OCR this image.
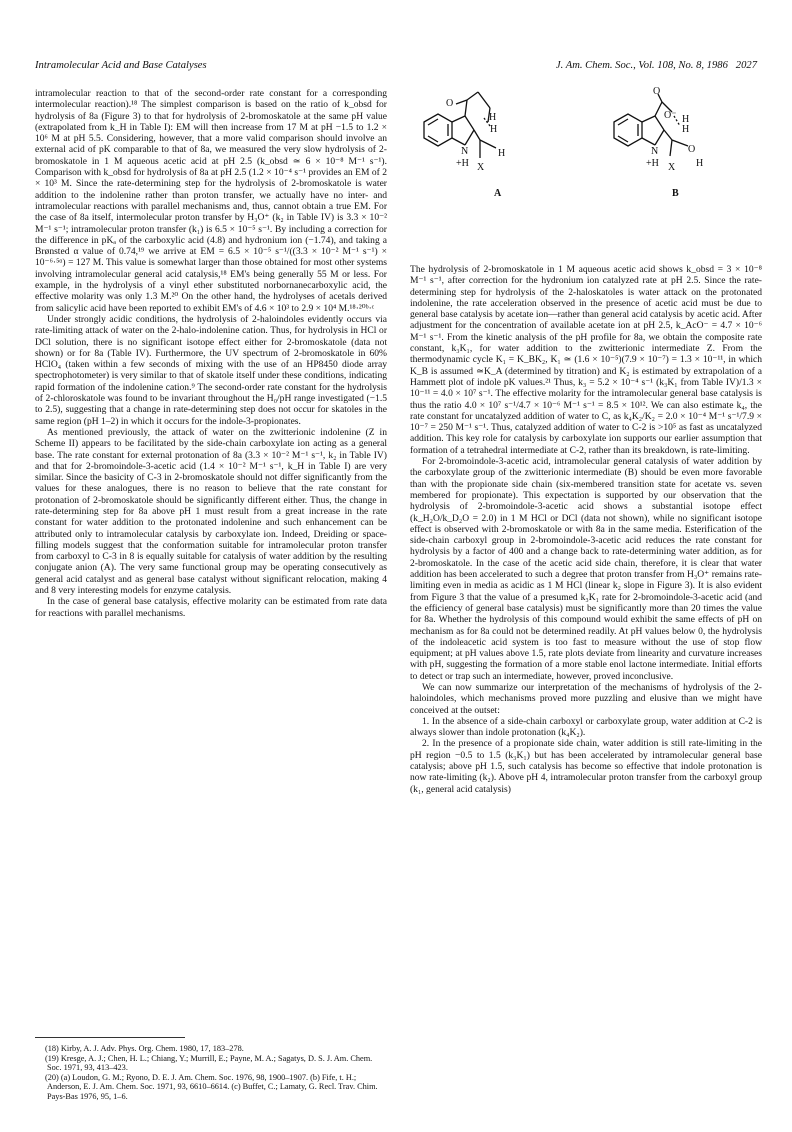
Intramolecular Acid and Base Catalyses	J. Am. Chem. Soc., Vol. 108, No. 8, 1986   2027

intramolecular reaction to that of the second-order rate constant for a corresponding intermolecular reaction).¹⁸ The simplest comparison is based on the ratio of k_obsd for hydrolysis of 8a (Figure 3) to that for hydrolysis of 2-bromoskatole at the same pH value (extrapolated from k_H in Table I): EM will then increase from 17 M at pH −1.5 to 1.2 × 10⁶ M at pH 5.5. Considering, however, that a more valid comparison should involve an external acid of pK comparable to that of 8a, we measured the very slow hydrolysis of 2-bromoskatole in 1 M aqueous acetic acid at pH 2.5 (k_obsd ≃ 6 × 10⁻⁸ M⁻¹ s⁻¹). Comparison with k_obsd for hydrolysis of 8a at pH 2.5 (1.2 × 10⁻⁴ s⁻¹ provides an EM of 2 × 10³ M. Since the rate-determining step for the hydrolysis of 2-bromoskatole is water addition to the indolenine rather than proton transfer, we actually have no inter- and intramolecular reactions with parallel mechanisms and, thus, cannot obtain a true EM. For the case of 8a itself, intermolecular proton transfer by H₃O⁺ (k₂ in Table IV) is 3.3 × 10⁻² M⁻¹ s⁻¹; intramolecular proton transfer (k₁) is 6.5 × 10⁻⁵ s⁻¹. By including a correction for the difference in pKₐ of the carboxylic acid (4.8) and hydronium ion (−1.74), and taking a Brønsted α value of 0.74,¹⁹ we arrive at EM = 6.5 × 10⁻⁵ s⁻¹/((3.3 × 10⁻² M⁻¹ s⁻¹) × 10⁻⁶·⁵ᵅ) = 127 M. This value is somewhat larger than those obtained for most other systems involving intramolecular general acid catalysis,¹⁸ EM's being generally 55 M or less. For example, in the hydrolysis of a vinyl ether substituted norbornanecarboxylic acid, the effective molarity was only 1.3 M.²⁰ On the other hand, the hydrolyses of acetals derived from salicylic acid have been reported to exhibit EM's of 4.6 × 10³ to 2.9 × 10⁴ M.¹⁸·²⁰ᵇ·ᶜ

Under strongly acidic conditions, the hydrolysis of 2-haloindoles evidently occurs via rate-limiting attack of water on the 2-halo-indolenine cation. Thus, for hydrolysis in HCl or DCl solution, there is no significant isotope effect either for 2-bromoskatole (data not shown) or for 8a (Table IV). Furthermore, the UV spectrum of 2-bromoskatole in 60% HClO₄ (taken within a few seconds of mixing with the use of an HP8450 diode array spectrophotometer) is very similar to that of skatole itself under these conditions, indicating rapid formation of the indolenine cation.⁹ The second-order rate constant for the hydrolysis of 2-chloroskatole was found to be invariant throughout the H₀/pH range investigated (−1.5 to 2.5), suggesting that a change in rate-determining step does not occur for skatoles in the same region (pH 1–2) in which it occurs for the indole-3-propionates.

As mentioned previously, the attack of water on the zwitterionic indolenine (Z in Scheme II) appears to be facilitated by the side-chain carboxylate ion acting as a general base. The rate constant for external protonation of 8a (3.3 × 10⁻² M⁻¹ s⁻¹, k₂ in Table IV) and that for 2-bromoindole-3-acetic acid (1.4 × 10⁻² M⁻¹ s⁻¹, k_H in Table I) are very similar. Since the basicity of C-3 in 2-bromoskatole should not differ significantly from the values for these analogues, there is no reason to believe that the rate constant for protonation of 2-bromoskatole should be significantly different either. Thus, the change in rate-determining step for 8a above pH 1 must result from a great increase in the rate constant for water addition to the protonated indolenine and such enhancement can be attributed only to intramolecular catalysis by carboxylate ion. Indeed, Dreiding or space-filling models suggest that the conformation suitable for intramolecular proton transfer from carboxyl to C-3 in 8 is equally suitable for catalysis of water addition by the resulting conjugate anion (A). The very same functional group may be operating consecutively as general acid catalyst and as general base catalyst without significant relocation, making 4 and 8 very interesting models for enzyme catalysis.

In the case of general base catalysis, effective molarity can be estimated from rate data for reactions with parallel mechanisms.

O
H
H
N
+H X
H
A
O
O⁻ H
H
N
+H X
O
H
B

The hydrolysis of 2-bromoskatole in 1 M aqueous acetic acid shows k_obsd = 3 × 10⁻⁸ M⁻¹ s⁻¹, after correction for the hydronium ion catalyzed rate at pH 2.5. Since the rate-determining step for hydrolysis of the 2-haloskatoles is water attack on the protonated indolenine, the rate acceleration observed in the presence of acetic acid must be due to general base catalysis by acetate ion—rather than general acid catalysis by acetic acid. After adjustment for the concentration of available acetate ion at pH 2.5, k_AcO⁻ = 4.7 × 10⁻⁶ M⁻¹ s⁻¹. From the kinetic analysis of the pH profile for 8a, we obtain the composite rate constant, k₃K₁, for water addition to the zwitterionic intermediate Z. From the thermodynamic cycle K₁ = K_BK₂, K₁ ≃ (1.6 × 10⁻⁵)(7.9 × 10⁻⁷) = 1.3 × 10⁻¹¹, in which K_B is assumed ≃K_A (determined by titration) and K₂ is estimated by extrapolation of a Hammett plot of indole pK values.²¹ Thus, k₃ = 5.2 × 10⁻⁴ s⁻¹ (k₃K₁ from Table IV)/1.3 × 10⁻¹¹ = 4.0 × 10⁷ s⁻¹. The effective molarity for the intramolecular general base catalysis is thus the ratio 4.0 × 10⁷ s⁻¹/4.7 × 10⁻⁶ M⁻¹ s⁻¹ = 8.5 × 10¹². We can also estimate k₄, the rate constant for uncatalyzed addition of water to C, as k₄K₂/K₂ = 2.0 × 10⁻⁴ M⁻¹ s⁻¹/7.9 × 10⁻⁷ = 250 M⁻¹ s⁻¹. Thus, catalyzed addition of water to C-2 is >10⁵ as fast as uncatalyzed addition. This key role for catalysis by carboxylate ion supports our earlier assumption that formation of a tetrahedral intermediate at C-2, rather than its breakdown, is rate-limiting.

For 2-bromoindole-3-acetic acid, intramolecular general catalysis of water addition by the carboxylate group of the zwitterionic intermediate (B) should be even more favorable than with the propionate side chain (six-membered transition state for acetate vs. seven membered for propionate). This expectation is supported by our observation that the hydrolysis of 2-bromoindole-3-acetic acid shows a substantial isotope effect (k_H₂O/k_D₂O = 2.0) in 1 M HCl or DCl (data not shown), while no significant isotope effect is observed with 2-bromoskatole or with 8a in the same media. Esterification of the side-chain carboxyl group in 2-bromoindole-3-acetic acid reduces the rate constant for hydrolysis by a factor of 400 and a change back to rate-determining water addition, as for 2-bromoskatole. In the case of the acetic acid side chain, therefore, it is clear that water addition has been accelerated to such a degree that proton transfer from H₃O⁺ remains rate-limiting even in media as acidic as 1 M HCl (linear k₂ slope in Figure 3). It is also evident from Figure 3 that the value of a presumed k₃K₁ rate for 2-bromoindole-3-acetic acid (and the efficiency of general base catalysis) must be significantly more than 20 times the value for 8a. Whether the hydrolysis of this compound would exhibit the same effects of pH on mechanism as for 8a could not be determined readily. At pH values below 0, the hydrolysis of the indoleacetic acid system is too fast to measure without the use of stop flow equipment; at pH values above 1.5, rate plots deviate from linearity and curvature increases with pH, suggesting the formation of a more stable enol lactone intermediate. Initial efforts to detect or trap such an intermediate, however, proved inconclusive.

We can now summarize our interpretation of the mechanisms of hydrolysis of the 2-haloindoles, which mechanisms proved more puzzling and elusive than we might have conceived at the outset:

1. In the absence of a side-chain carboxyl or carboxylate group, water addition at C-2 is always slower than indole protonation (k₄K₂).

2. In the presence of a propionate side chain, water addition is still rate-limiting in the pH region −0.5 to 1.5 (k₃K₁) but has been accelerated by intramolecular general base catalysis; above pH 1.5, such catalysis has become so effective that indole protonation is now rate-limiting (k₂). Above pH 4, intramolecular proton transfer from the carboxyl group (k₁, general acid catalysis)

(18) Kirby, A. J. Adv. Phys. Org. Chem. 1980, 17, 183–278.

(19) Kresge, A. J.; Chen, H. L.; Chiang, Y.; Murrill, E.; Payne, M. A.; Sagatys, D. S. J. Am. Chem. Soc. 1971, 93, 413–423.

(20) (a) Loudon, G. M.; Ryono, D. E. J. Am. Chem. Soc. 1976, 98, 1900–1907. (b) Fife, t. H.; Anderson, E. J. Am. Chem. Soc. 1971, 93, 6610–6614. (c) Buffet, C.; Lamaty, G. Recl. Trav. Chim. Pays-Bas 1976, 95, 1–6.
